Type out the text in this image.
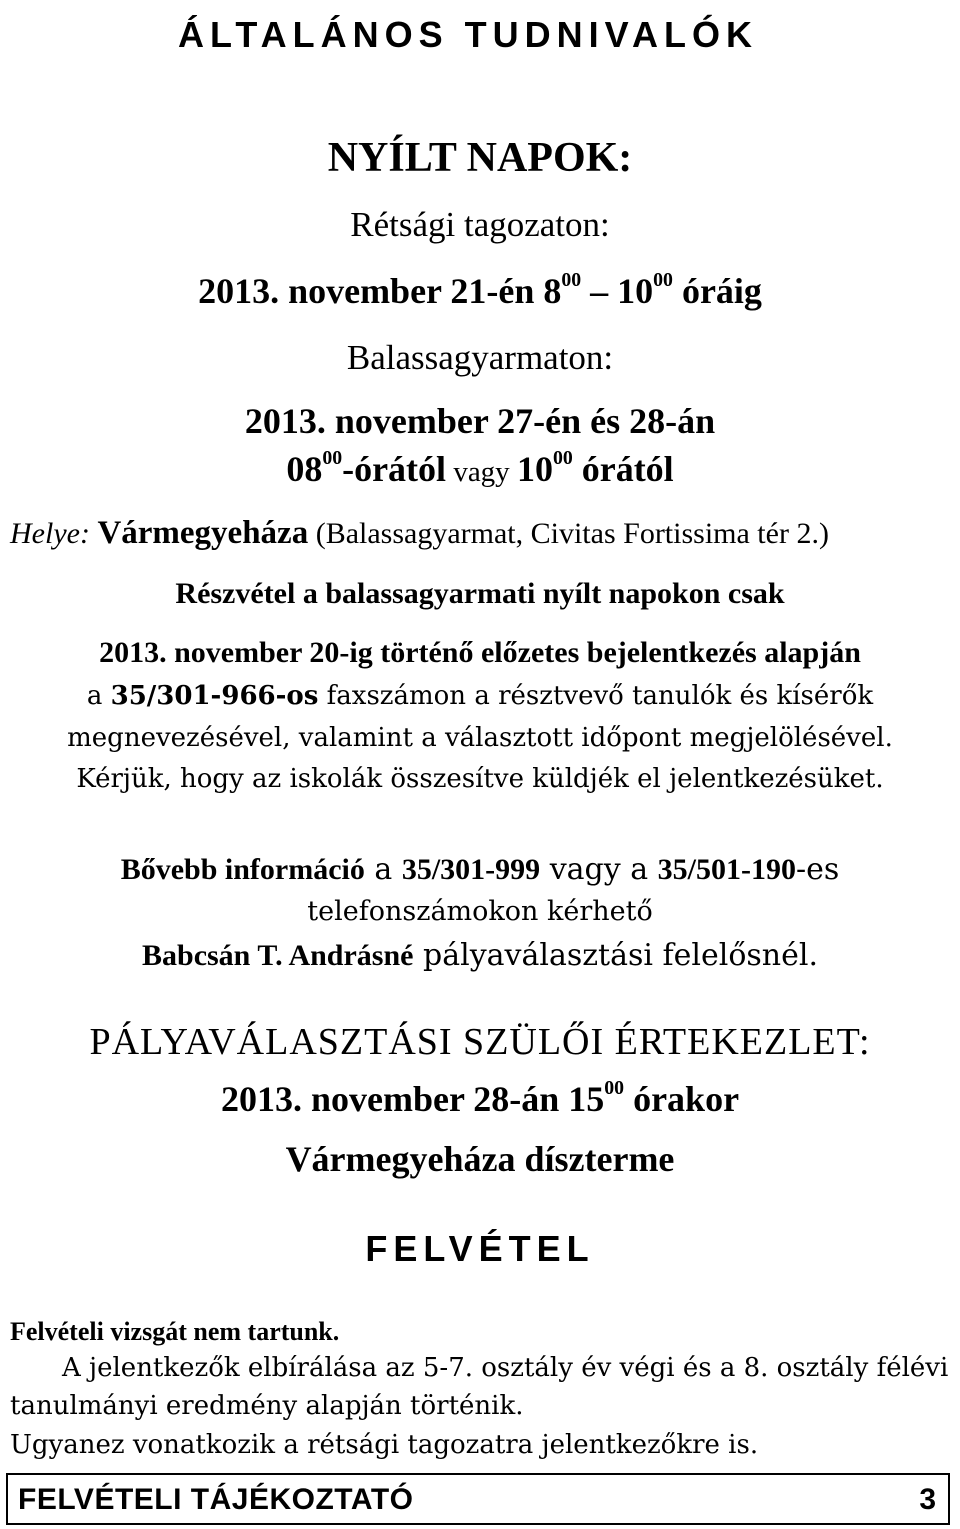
ÁLTALÁNOS TUDNIVALÓK
NYÍLT NAPOK:
Rétsági tagozaton:
2013. november 21-én $8^{00} - 10^{00}$ óráig
Balassagyarmaton:
2013. november 27-én és 28-án
$08^{00}$-órától vagy $10^{00}$ órától
Helye: Vármegyeháza (Balassagyarmat, Civitas Fortissima tér 2.)
Részvétel a balassagyarmati nyílt napokon csak
2013. november 20-ig történő előzetes bejelentkezés alapján
a 35/301-966-os faxszámon a résztvevő tanulók és kísérők
megnevezésével, valamint a választott időpont megjelölésével.
Kérjük, hogy az iskolák összesítve küldjék el jelentkezésüket.
Bővebb információ a 35/301-999 vagy a 35/501-190-es
telefonszámokon kérhető
Babcsán T. Andrásné pályaválasztási felelősnél.
PÁLYAVÁLASZTÁSI SZÜLŐI ÉRTEKEZLET:
2013. november 28-án $15^{00}$ órakor
Vármegyeháza díszterme
FELVÉTEL
Felvételi vizsgát nem tartunk.
A jelentkezők elbírálása az 5-7. osztály év végi és a 8. osztály félévi
tanulmányi eredmény alapján történik.
Ugyanez vonatkozik a rétsági tagozatra jelentkezőkre is.
FELVÉTELI TÁJÉKOZTATÓ	3
